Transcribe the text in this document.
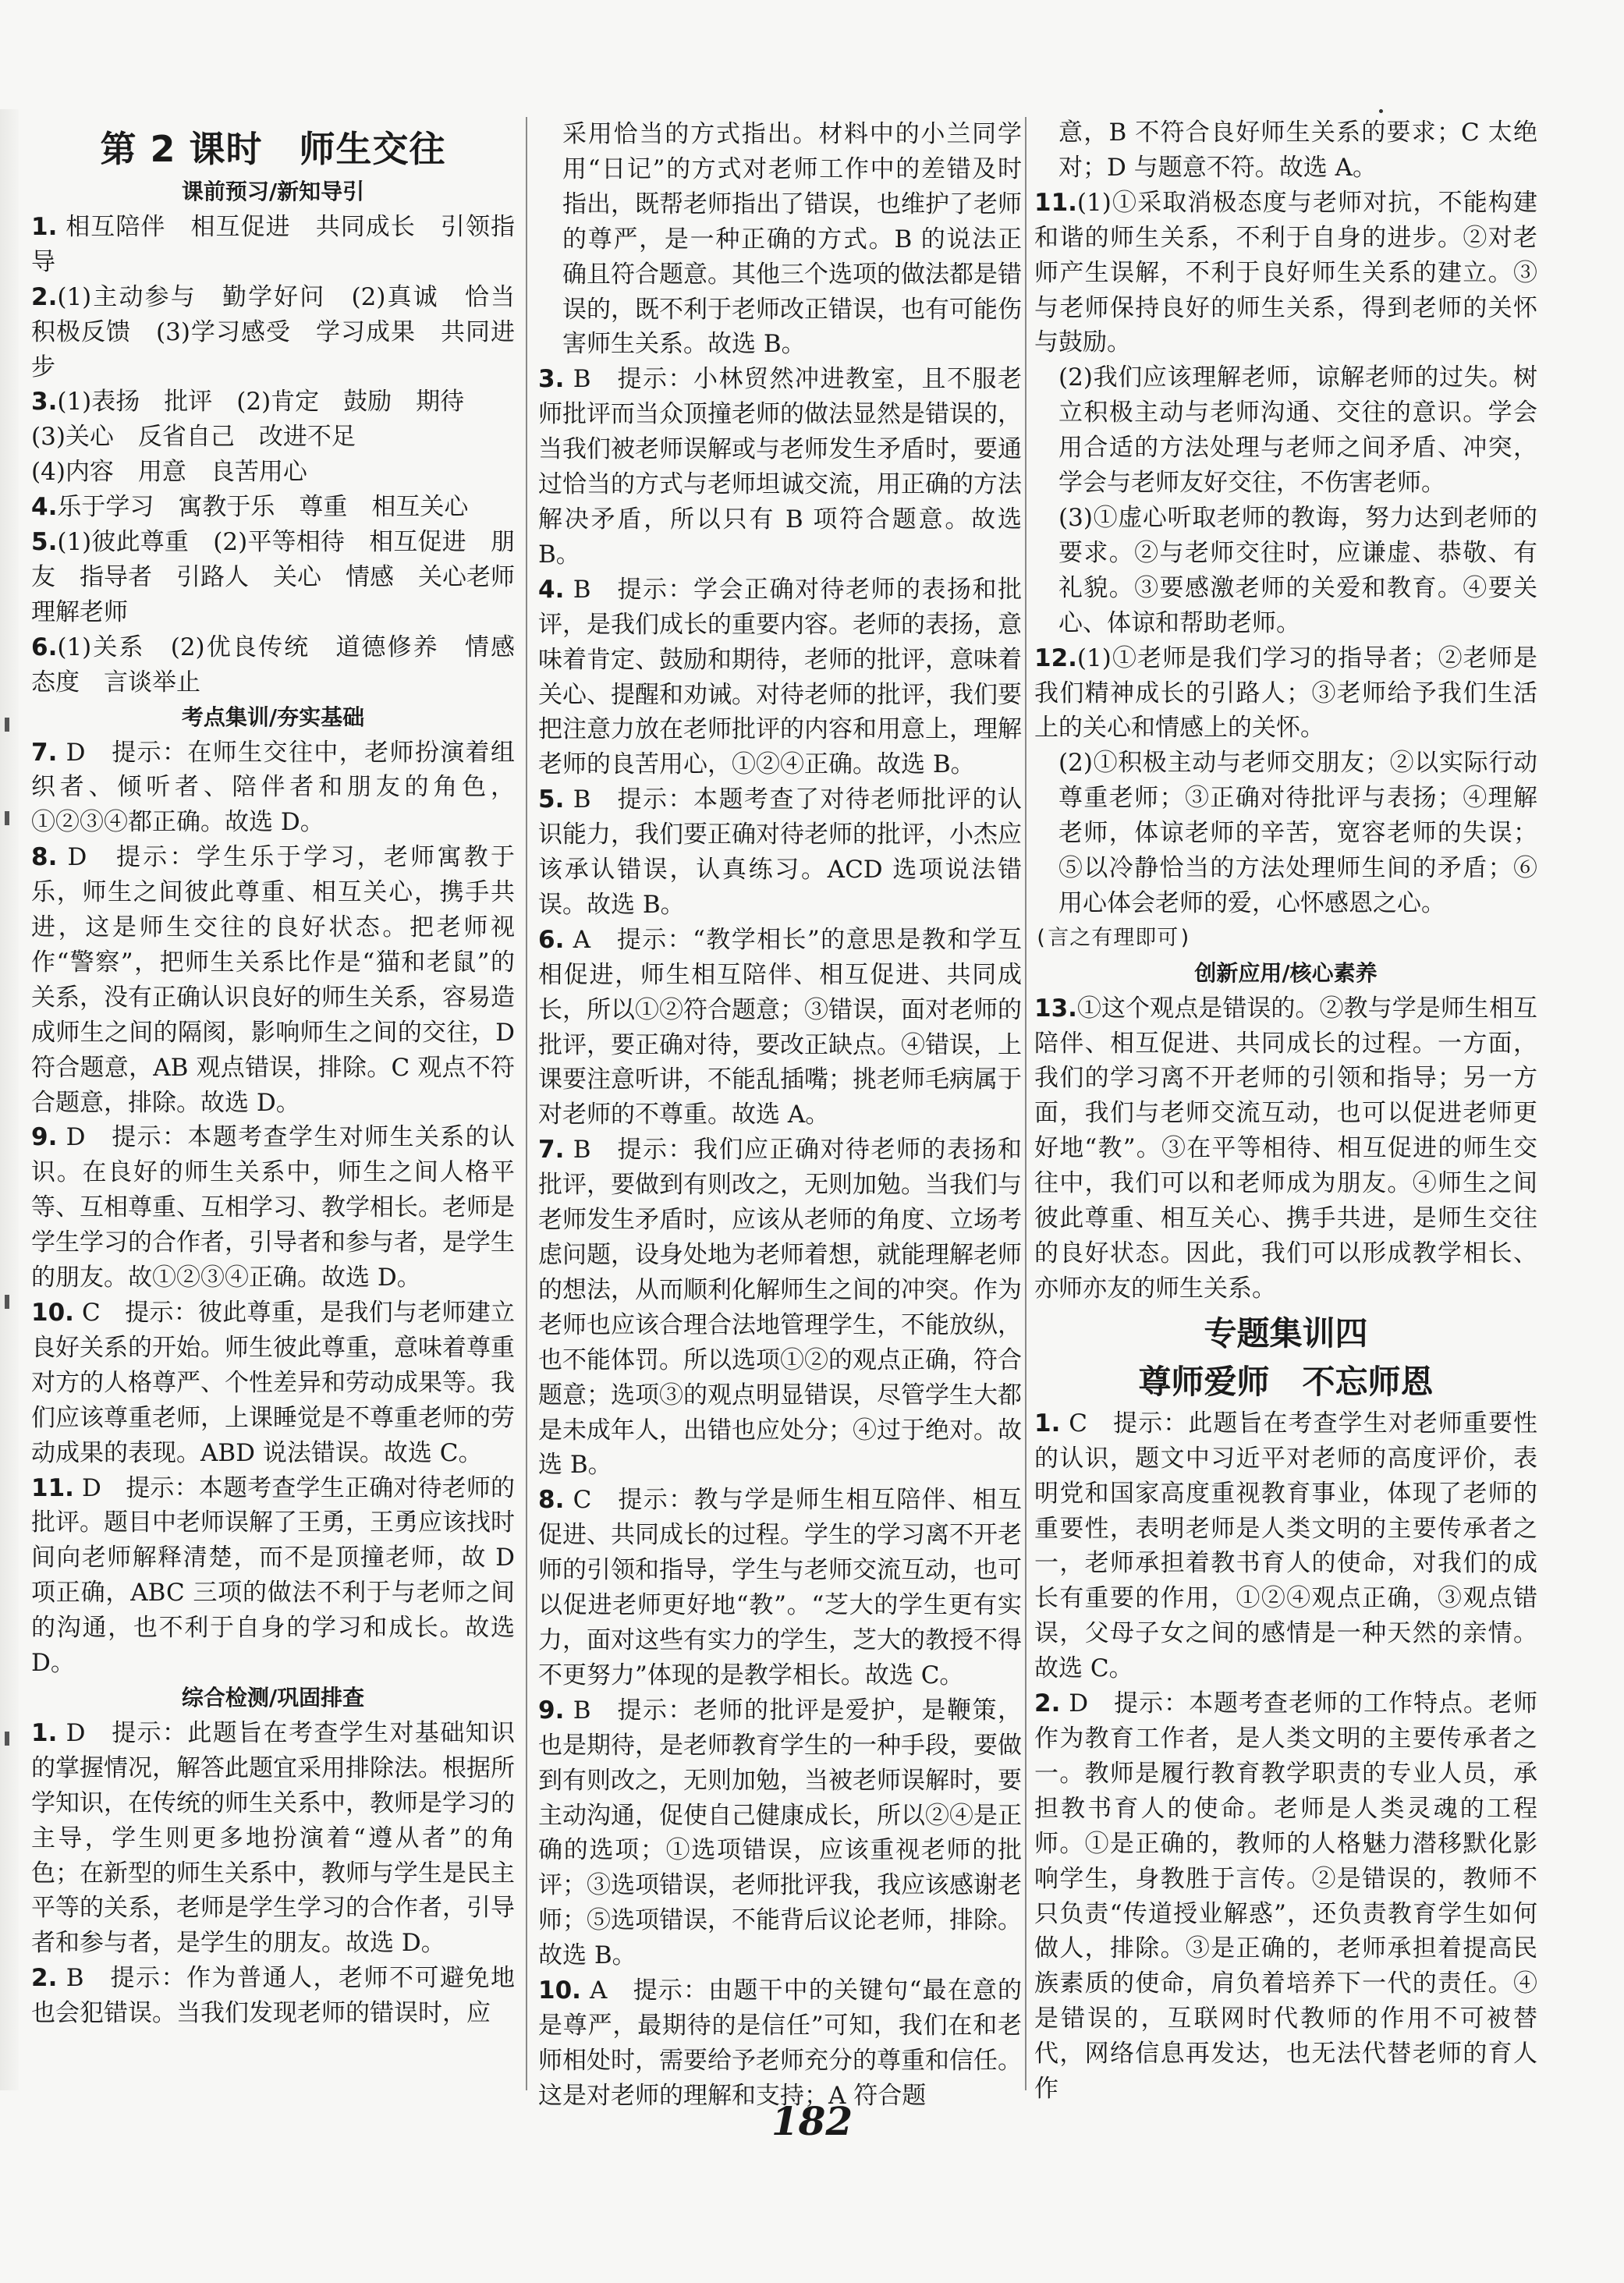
第 2 课时　师生交往
课前预习/新知导引

1. 相互陪伴　相互促进　共同成长　引领指导

2.(1)主动参与　勤学好问　(2)真诚　恰当　积极反馈　(3)学习感受　学习成果　共同进步

3.(1)表扬　批评　(2)肯定　鼓励　期待

(3)关心　反省自己　改进不足

(4)内容　用意　良苦用心

4.乐于学习　寓教于乐　尊重　相互关心

5.(1)彼此尊重　(2)平等相待　相互促进　朋友　指导者　引路人　关心　情感　关心老师　理解老师

6.(1)关系　(2)优良传统　道德修养　情感　态度　言谈举止

考点集训/夯实基础

7. D　 提示：在师生交往中，老师扮演着组织者、倾听者、陪伴者和朋友的角色，①②③④都正确。故选 D。

8. D　 提示：学生乐于学习，老师寓教于乐，师生之间彼此尊重、相互关心，携手共进，这是师生交往的良好状态。把老师视作“警察”，把师生关系比作是“猫和老鼠”的关系，没有正确认识良好的师生关系，容易造成师生之间的隔阂，影响师生之间的交往，D 符合题意，AB 观点错误，排除。C 观点不符合题意，排除。故选 D。

9. D　 提示：本题考查学生对师生关系的认识。在良好的师生关系中，师生之间人格平等、互相尊重、互相学习、教学相长。老师是学生学习的合作者，引导者和参与者，是学生的朋友。故①②③④正确。故选 D。

10. C　 提示：彼此尊重，是我们与老师建立良好关系的开始。师生彼此尊重，意味着尊重对方的人格尊严、个性差异和劳动成果等。我们应该尊重老师，上课睡觉是不尊重老师的劳动成果的表现。ABD 说法错误。故选 C。

11. D　 提示：本题考查学生正确对待老师的批评。题目中老师误解了王勇，王勇应该找时间向老师解释清楚，而不是顶撞老师，故 D 项正确，ABC 三项的做法不利于与老师之间的沟通，也不利于自身的学习和成长。故选 D。

综合检测/巩固排查

1. D　 提示：此题旨在考查学生对基础知识的掌握情况，解答此题宜采用排除法。根据所学知识，在传统的师生关系中，教师是学习的主导，学生则更多地扮演着“遵从者”的角色；在新型的师生关系中，教师与学生是民主平等的关系，老师是学生学习的合作者，引导者和参与者，是学生的朋友。故选 D。

2. B　 提示：作为普通人，老师不可避免地也会犯错误。当我们发现老师的错误时，应

采用恰当的方式指出。材料中的小兰同学用“日记”的方式对老师工作中的差错及时指出，既帮老师指出了错误，也维护了老师的尊严，是一种正确的方式。B 的说法正确且符合题意。其他三个选项的做法都是错误的，既不利于老师改正错误，也有可能伤害师生关系。故选 B。

3. B　 提示：小林贸然冲进教室，且不服老师批评而当众顶撞老师的做法显然是错误的，当我们被老师误解或与老师发生矛盾时，要通过恰当的方式与老师坦诚交流，用正确的方法解决矛盾，所以只有 B 项符合题意。故选 B。

4. B　 提示：学会正确对待老师的表扬和批评，是我们成长的重要内容。老师的表扬，意味着肯定、鼓励和期待，老师的批评，意味着关心、提醒和劝诫。对待老师的批评，我们要把注意力放在老师批评的内容和用意上，理解老师的良苦用心，①②④正确。故选 B。

5. B　 提示：本题考查了对待老师批评的认识能力，我们要正确对待老师的批评，小杰应该承认错误，认真练习。ACD 选项说法错误。故选 B。

6. A　 提示：“教学相长”的意思是教和学互相促进，师生相互陪伴、相互促进、共同成长，所以①②符合题意；③错误，面对老师的批评，要正确对待，要改正缺点。④错误，上课要注意听讲，不能乱插嘴；挑老师毛病属于对老师的不尊重。故选 A。

7. B　 提示：我们应正确对待老师的表扬和批评，要做到有则改之，无则加勉。当我们与老师发生矛盾时，应该从老师的角度、立场考虑问题，设身处地为老师着想，就能理解老师的想法，从而顺利化解师生之间的冲突。作为老师也应该合理合法地管理学生，不能放纵，也不能体罚。所以选项①②的观点正确，符合题意；选项③的观点明显错误，尽管学生大都是未成年人，出错也应处分；④过于绝对。故选 B。

8. C　 提示：教与学是师生相互陪伴、相互促进、共同成长的过程。学生的学习离不开老师的引领和指导，学生与老师交流互动，也可以促进老师更好地“教”。“芝大的学生更有实力，面对这些有实力的学生，芝大的教授不得不更努力”体现的是教学相长。故选 C。

9. B　 提示：老师的批评是爱护，是鞭策，也是期待，是老师教育学生的一种手段，要做到有则改之，无则加勉，当被老师误解时，要主动沟通，促使自己健康成长，所以②④是正确的选项；①选项错误，应该重视老师的批评；③选项错误，老师批评我，我应该感谢老师；⑤选项错误，不能背后议论老师，排除。故选 B。

10. A　 提示：由题干中的关键句“最在意的是尊严，最期待的是信任”可知，我们在和老师相处时，需要给予老师充分的尊重和信任。这是对老师的理解和支持；A 符合题

意，B 不符合良好师生关系的要求；C 太绝对；D 与题意不符。故选 A。

11.(1)①采取消极态度与老师对抗，不能构建和谐的师生关系，不利于自身的进步。②对老师产生误解，不利于良好师生关系的建立。③与老师保持良好的师生关系，得到老师的关怀与鼓励。

(2)我们应该理解老师，谅解老师的过失。树立积极主动与老师沟通、交往的意识。学会用合适的方法处理与老师之间矛盾、冲突，学会与老师友好交往，不伤害老师。

(3)①虚心听取老师的教诲，努力达到老师的要求。②与老师交往时，应谦虚、恭敬、有礼貌。③要感激老师的关爱和教育。④要关心、体谅和帮助老师。

12.(1)①老师是我们学习的指导者；②老师是我们精神成长的引路人；③老师给予我们生活上的关心和情感上的关怀。

(2)①积极主动与老师交朋友；②以实际行动尊重老师；③正确对待批评与表扬；④理解老师，体谅老师的辛苦，宽容老师的失误；⑤以冷静恰当的方法处理师生间的矛盾；⑥用心体会老师的爱，心怀感恩之心。

(言之有理即可)

创新应用/核心素养

13.①这个观点是错误的。②教与学是师生相互陪伴、相互促进、共同成长的过程。一方面，我们的学习离不开老师的引领和指导；另一方面，我们与老师交流互动，也可以促进老师更好地“教”。③在平等相待、相互促进的师生交往中，我们可以和老师成为朋友。④师生之间彼此尊重、相互关心、携手共进，是师生交往的良好状态。因此，我们可以形成教学相长、亦师亦友的师生关系。

专题集训四
尊师爱师　不忘师恩

1. C　 提示：此题旨在考查学生对老师重要性的认识，题文中习近平对老师的高度评价，表明党和国家高度重视教育事业，体现了老师的重要性，表明老师是人类文明的主要传承者之一，老师承担着教书育人的使命，对我们的成长有重要的作用，①②④观点正确，③观点错误，父母子女之间的感情是一种天然的亲情。故选 C。

2. D　 提示：本题考查老师的工作特点。老师作为教育工作者，是人类文明的主要传承者之一。教师是履行教育教学职责的专业人员，承担教书育人的使命。老师是人类灵魂的工程师。①是正确的，教师的人格魅力潜移默化影响学生，身教胜于言传。②是错误的，教师不只负责“传道授业解惑”，还负责教育学生如何做人，排除。③是正确的，老师承担着提高民族素质的使命，肩负着培养下一代的责任。④是错误的，互联网时代教师的作用不可被替代，网络信息再发达，也无法代替老师的育人作

182
